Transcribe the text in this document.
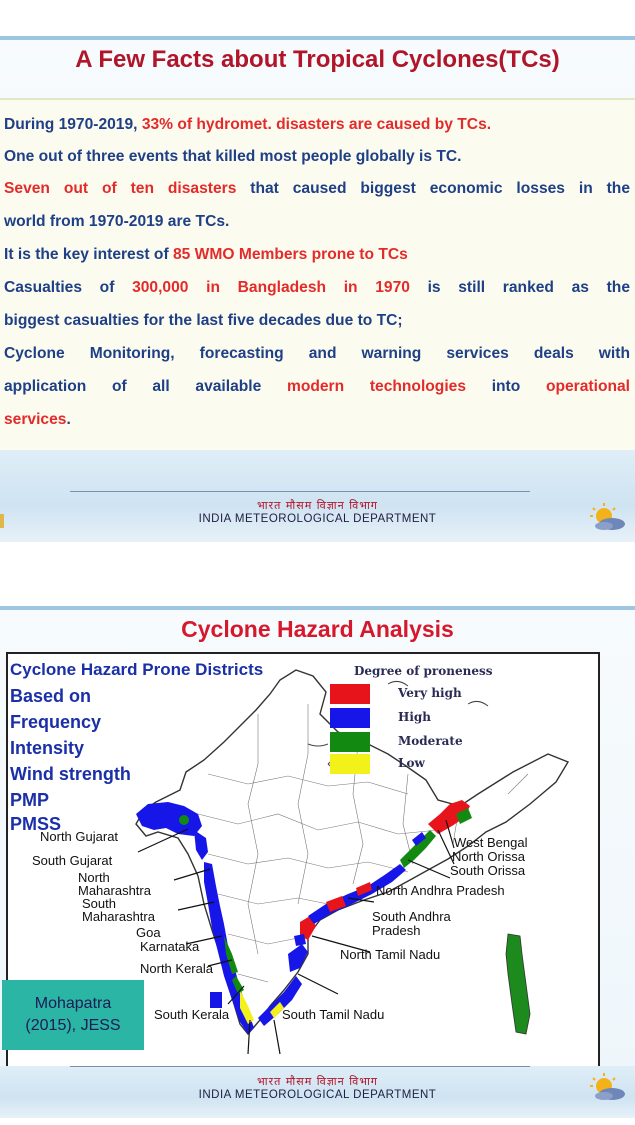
A Few Facts about Tropical Cyclones(TCs)
During 1970-2019, 33% of hydromet. disasters are caused by TCs.
One out of three events that killed most people globally is TC.
Seven out of ten disasters that caused biggest economic losses in the
world from 1970-2019 are TCs.
It is the key interest of 85 WMO Members prone to TCs
Casualties of 300,000 in Bangladesh in 1970 is still ranked as the
biggest casualties for the last five decades due to TC;
Cyclone Monitoring, forecasting and warning services deals with
application of all available modern technologies into operational
services.
भारत मौसम विज्ञान विभाग
INDIA METEOROLOGICAL DEPARTMENT
Cyclone Hazard Analysis
Cyclone Hazard Prone Districts
Based on
Frequency
Intensity
Wind strength
PMP
PMSS
Degree of proneness
Very high
High
Moderate
Low
North Gujarat
South Gujarat
North
Maharashtra
South
Maharashtra
Goa
Karnataka
North Kerala
South Kerala	South Tamil Nadu
North Tamil Nadu
South Andhra
Pradesh
North Andhra Pradesh
West Bengal
North Orissa
South Orissa
Mohapatra
(2015), JESS
भारत मौसम विज्ञान विभाग
INDIA METEOROLOGICAL DEPARTMENT
